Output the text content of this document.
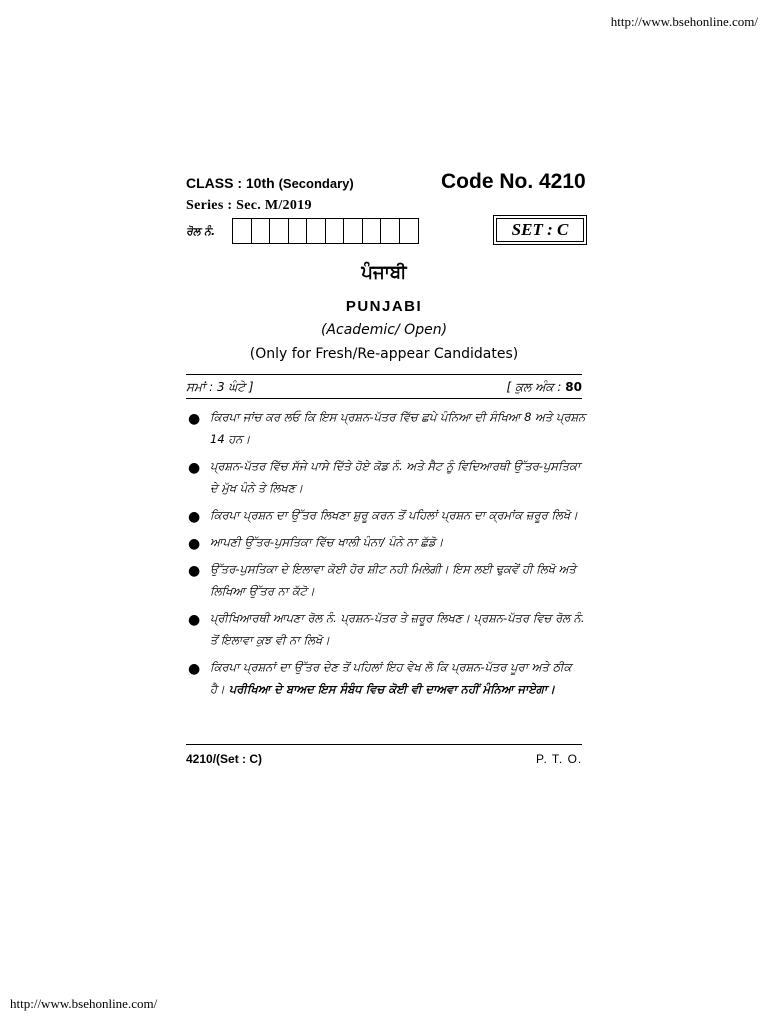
http://www.bsehonline.com/
CLASS : 10th (Secondary)	Code No. 4210
Series : Sec. M/2019
ਰੋਲ ਨੰ.	SET : C
ਪੰਜਾਬੀ
PUNJABI
(Academic/ Open)
(Only for Fresh/Re-appear Candidates)
ਸਮਾਂ : 3 ਘੰਟੇ ]	[ ਕੁਲ ਅੰਕ : 80
● ਕਿਰਪਾ ਜਾਂਚ ਕਰ ਲਓ ਕਿ ਇਸ ਪ੍ਰਸ਼ਨ-ਪੱਤਰ ਵਿੱਚ ਛਪੇ ਪੰਨਿਆ ਦੀ ਸੰਖਿਆ 8 ਅਤੇ ਪ੍ਰਸ਼ਨ 14 ਹਨ।
● ਪ੍ਰਸ਼ਨ-ਪੱਤਰ ਵਿੱਚ ਸੱਜੇ ਪਾਸੇ ਦਿੱਤੇ ਹੋਏ ਕੋਡ ਨੰ. ਅਤੇ ਸੈਟ ਨੂੰ ਵਿਦਿਆਰਥੀ ਉੱਤਰ-ਪੁਸਤਿਕਾ ਦੇ ਮੁੱਖ ਪੰਨੇ ਤੇ ਲਿਖਣ।
● ਕਿਰਪਾ ਪ੍ਰਸ਼ਨ ਦਾ ਉੱਤਰ ਲਿਖਣਾ ਸ਼ੁਰੂ ਕਰਨ ਤੋਂ ਪਹਿਲਾਂ ਪ੍ਰਸ਼ਨ ਦਾ ਕ੍ਰਮਾਂਕ ਜ਼ਰੂਰ ਲਿਖੋ।
● ਆਪਣੀ ਉੱਤਰ-ਪੁਸਤਿਕਾ ਵਿੱਚ ਖਾਲੀ ਪੰਨਾ/ ਪੰਨੇ ਨਾ ਛੱਡੋ।
● ਉੱਤਰ-ਪੁਸਤਿਕਾ ਦੇ ਇਲਾਵਾ ਕੋਈ ਹੋਰ ਸ਼ੀਟ ਨਹੀ ਮਿਲੇਗੀ। ਇਸ ਲਈ ਢੁਕਵੇਂ ਹੀ ਲਿਖੋ ਅਤੇ ਲਿਖਿਆ ਉੱਤਰ ਨਾ ਕੱਟੋ।
● ਪ੍ਰੀਖਿਆਰਥੀ ਆਪਣਾ ਰੋਲ ਨੰ. ਪ੍ਰਸ਼ਨ-ਪੱਤਰ ਤੇ ਜ਼ਰੂਰ ਲਿਖਣ। ਪ੍ਰਸ਼ਨ-ਪੱਤਰ ਵਿਚ ਰੋਲ ਨੰ. ਤੋਂ ਇਲਾਵਾ ਕੁਝ ਵੀ ਨਾ ਲਿਖੋ।
● ਕਿਰਪਾ ਪ੍ਰਸ਼ਨਾਂ ਦਾ ਉੱਤਰ ਦੇਣ ਤੋਂ ਪਹਿਲਾਂ ਇਹ ਵੇਖ ਲੋ ਕਿ ਪ੍ਰਸ਼ਨ-ਪੱਤਰ ਪੂਰਾ ਅਤੇ ਠੀਕ ਹੈ। ਪਰੀਖਿਆ ਦੇ ਬਾਅਦ ਇਸ ਸੰਬੰਧ ਵਿਚ ਕੋਈ ਵੀ ਦਾਅਵਾ ਨਹੀਂ ਮੰਨਿਆ ਜਾਏਗਾ।
4210/(Set : C)	P. T. O.
http://www.bsehonline.com/
